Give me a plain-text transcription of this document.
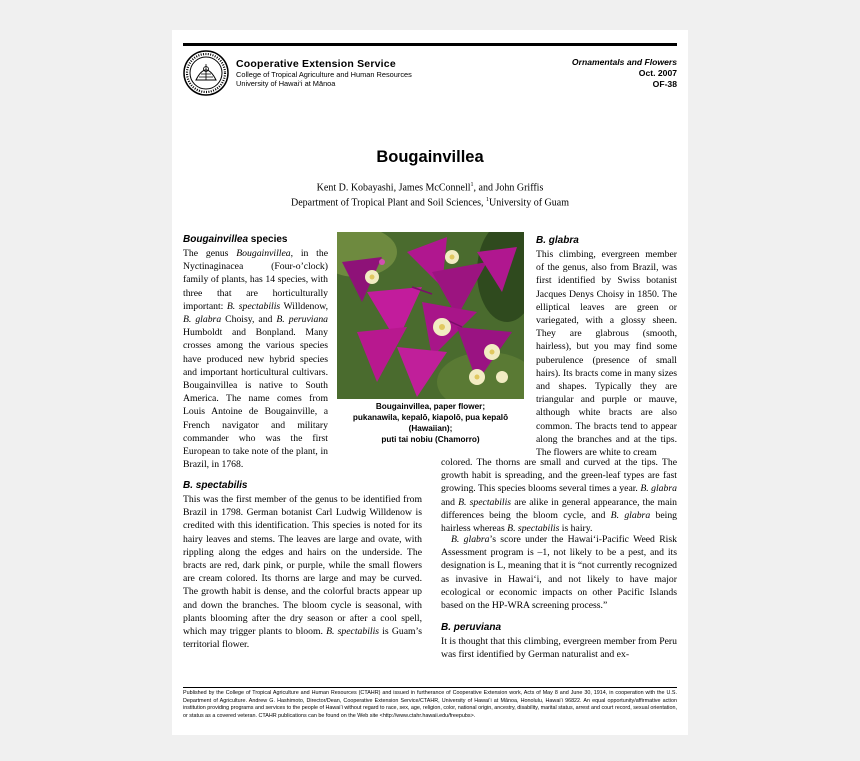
Cooperative Extension Service
College of Tropical Agriculture and Human Resources
University of Hawai‘i at Mānoa
Ornamentals and Flowers
Oct. 2007
OF-38
Bougainvillea
Kent D. Kobayashi, James McConnell$^1$, and John Griffis
Department of Tropical Plant and Soil Sciences, $^1$University of Guam
Bougainvillea species

The genus Bougainvillea, in the Nyctinaginacea (Four-o’clock) family of plants, has 14 species, with three that are horticulturally important: B. spectabilis Willdenow, B. glabra Choisy, and B. peruviana Humboldt and Bonpland. Many crosses among the various species have produced new hybrid species and important horticultural cultivars. Bougainvillea is native to South America. The name comes from Louis Antoine de Bougainville, a French navigator and military commander who was the first European to take note of the plant, in Brazil, in 1768.

Bougainvillea, paper flower;
pukanawila, kepalō, kiapolō, pua kepalō
(Hawaiian);
puti tai nobiu (Chamorro)
B. spectabilis

This was the first member of the genus to be identified from Brazil in 1798. German botanist Carl Ludwig Willdenow is credited with this identification. This species is noted for its hairy leaves and stems. The leaves are large and ovate, with rippling along the edges and hairs on the underside. The bracts are red, dark pink, or purple, while the small flowers are cream colored. Its thorns are large and may be curved. The growth habit is dense, and the colorful bracts appear up and down the branches. The bloom cycle is seasonal, with plants blooming after the dry season or after a cool spell, which may trigger plants to bloom. B. spectabilis is Guam’s territorial flower.

B. glabra

This climbing, evergreen member of the genus, also from Brazil, was first identified by Swiss botanist Jacques Denys Choisy in 1850. The elliptical leaves are green or variegated, with a glossy sheen. They are glabrous (smooth, hairless), but you may find some puberulence (presence of small hairs). Its bracts come in many sizes and shapes. Typically they are triangular and purple or mauve, although white bracts are also common. The bracts tend to appear along the branches and at the tips. The flowers are white to cream

colored. The thorns are small and curved at the tips. The growth habit is spreading, and the green-leaf types are fast growing. This species blooms several times a year. B. glabra and B. spectabilis are alike in general appearance, the main differences being the bloom cycle, and B. glabra being hairless whereas B. spectabilis is hairy.

B. glabra’s score under the Hawai‘i-Pacific Weed Risk Assessment program is –1, not likely to be a pest, and its designation is L, meaning that it is “not currently recognized as invasive in Hawai‘i, and not likely to have major ecological or economic impacts on other Pacific Islands based on the HP-WRA screening process.”

B. peruviana

It is thought that this climbing, evergreen member from Peru was first identified by German naturalist and ex-

Published by the College of Tropical Agriculture and Human Resources (CTAHR) and issued in furtherance of Cooperative Extension work, Acts of May 8 and June 30, 1914, in cooperation with the U.S. Department of Agriculture. Andrew G. Hashimoto, Director/Dean, Cooperative Extension Service/CTAHR, University of Hawai‘i at Mānoa, Honolulu, Hawai‘i 96822. An equal opportunity/affirmative action institution providing programs and services to the people of Hawai‘i without regard to race, sex, age, religion, color, national origin, ancestry, disability, marital status, arrest and court record, sexual orientation, or status as a covered veteran. CTAHR publications can be found on the Web site <http://www.ctahr.hawaii.edu/freepubs>.
